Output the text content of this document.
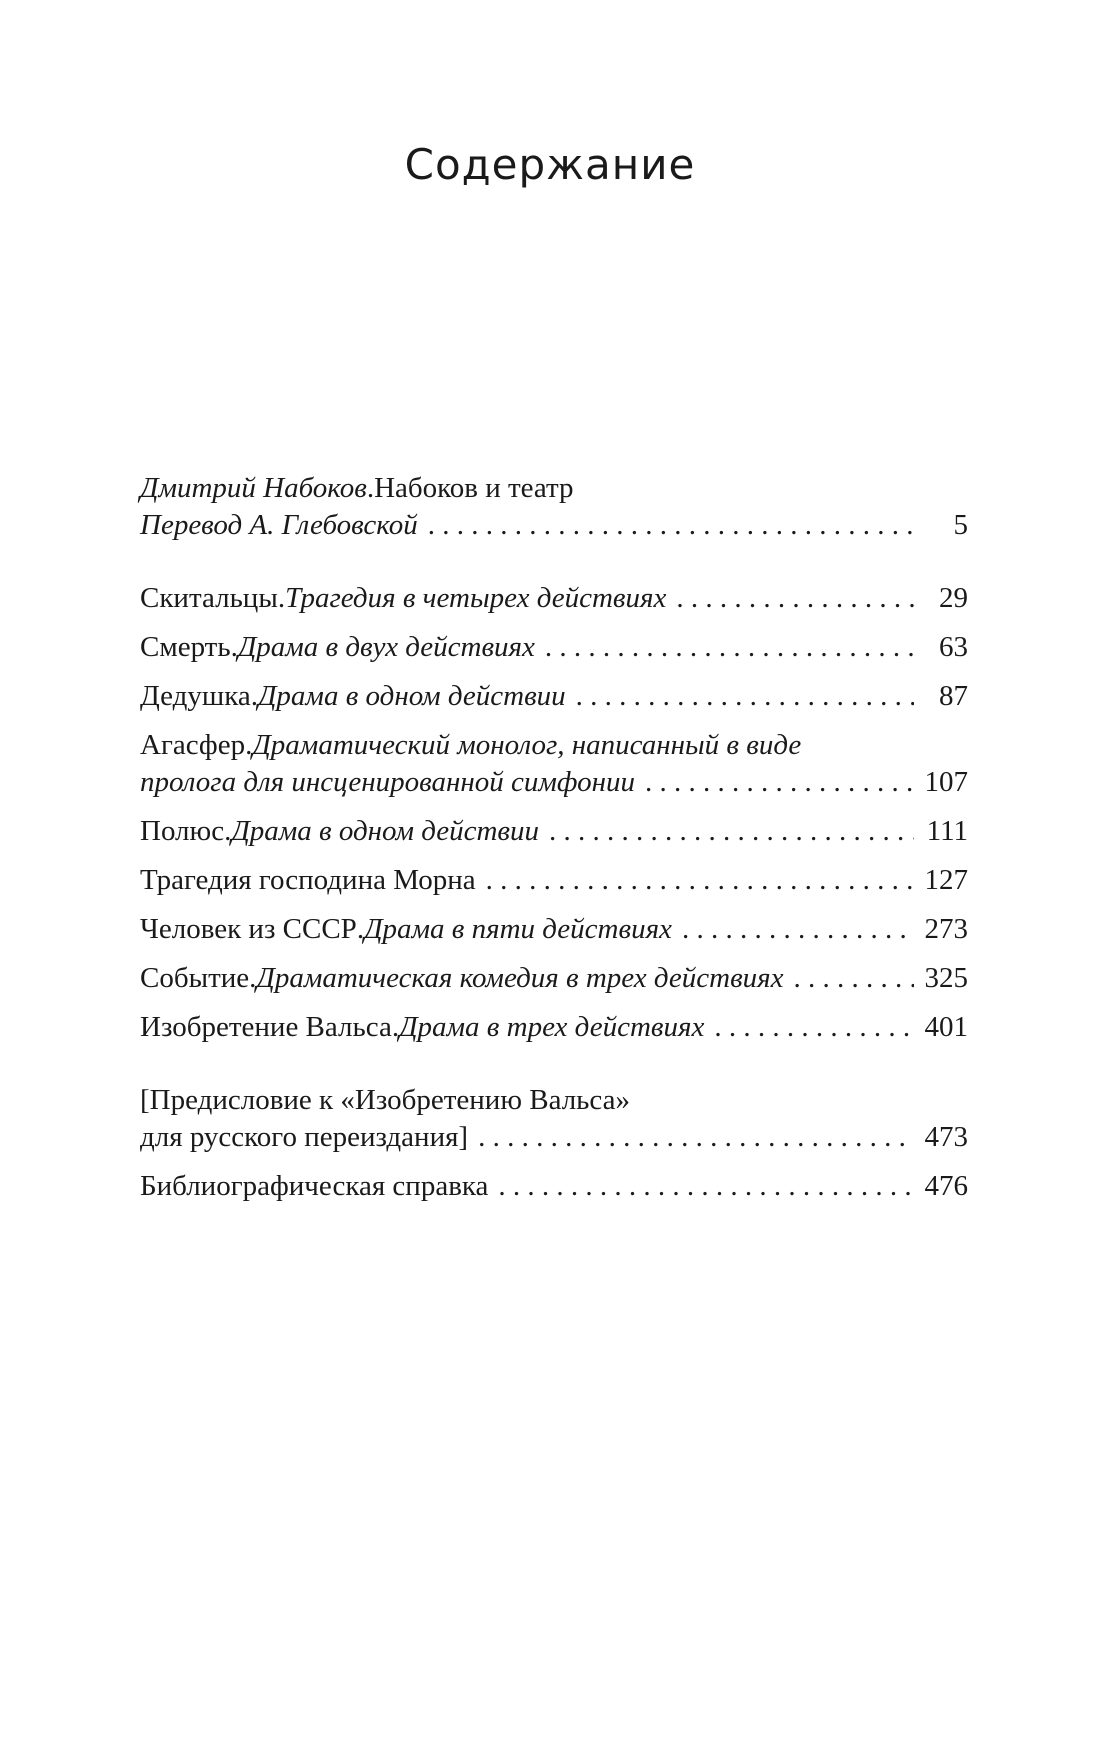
Содержание
Дмитрий Набоков . Набоков и театр
Перевод А. Глебовской . . .	5
Скитальцы . Трагедия в четырех действиях . . .	29
Смерть . Драма в двух действиях . . .	63
Дедушка . Драма в одном действии . . .	87
Агасфер . Драматический монолог, написанный в виде
пролога для инсценированной симфонии . . .	107
Полюс . Драма в одном действии . . .	111
Трагедия господина Морна . . .	127
Человек из СССР . Драма в пяти действиях . . .	273
Событие . Драматическая комедия в трех действиях . . .	325
Изобретение Вальса . Драма в трех действиях . . .	401
[Предисловие к «Изобретению Вальса»
для русского переиздания] . . .	473
Библиографическая справка . . .	476
